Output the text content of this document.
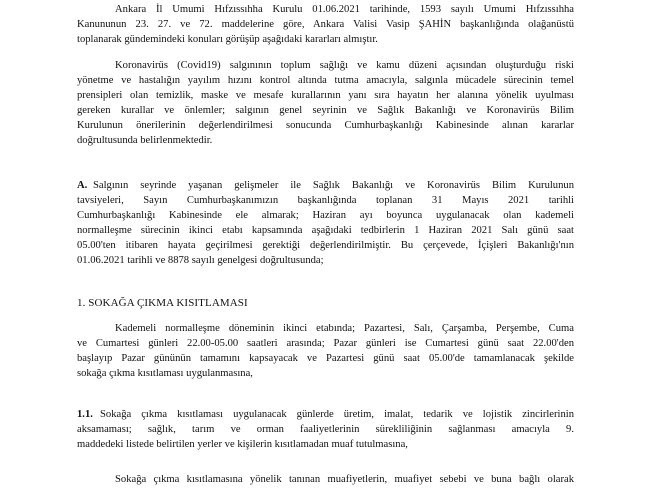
Ankara İl Umumi Hıfzıssıhha Kurulu 01.06.2021 tarihinde, 1593 sayılı Umumi Hıfzıssıhha
Kanununun 23. 27. ve 72. maddelerine göre, Ankara Valisi Vasip ŞAHİN başkanlığında olağanüstü
toplanarak gündemindeki konuları görüşüp aşağıdaki kararları almıştır.
Koronavirüs (Covid19) salgınının toplum sağlığı ve kamu düzeni açısından oluşturduğu riski
yönetme ve hastalığın yayılım hızını kontrol altında tutma amacıyla, salgınla mücadele sürecinin temel
prensipleri olan temizlik, maske ve mesafe kurallarının yanı sıra hayatın her alanına yönelik uyulması
gereken kurallar ve önlemler; salgının genel seyrinin ve Sağlık Bakanlığı ve Koronavirüs Bilim
Kurulunun önerilerinin değerlendirilmesi sonucunda Cumhurbaşkanlığı Kabinesinde alınan kararlar
doğrultusunda belirlenmektedir.
A. Salgının seyrinde yaşanan gelişmeler ile Sağlık Bakanlığı ve Koronavirüs Bilim Kurulunun
tavsiyeleri, Sayın Cumhurbaşkanımızın başkanlığında toplanan 31 Mayıs 2021 tarihli
Cumhurbaşkanlığı Kabinesinde ele almarak; Haziran ayı boyunca uygulanacak olan kademeli
normalleşme sürecinin ikinci etabı kapsamında aşağıdaki tedbirlerin 1 Haziran 2021 Salı günü saat
05.00'ten itibaren hayata geçirilmesi gerektiği değerlendirilmiştir. Bu çerçevede, İçişleri Bakanlığı'nın
01.06.2021 tarihli ve 8878 sayılı genelgesi doğrultusunda;
1. SOKAĞA ÇIKMA KISITLAMASI
Kademeli normalleşme döneminin ikinci etabında; Pazartesi, Salı, Çarşamba, Perşembe, Cuma
ve Cumartesi günleri 22.00-05.00 saatleri arasında; Pazar günleri ise Cumartesi günü saat 22.00'den
başlayıp Pazar gününün tamamını kapsayacak ve Pazartesi günü saat 05.00'de tamamlanacak şekilde
sokağa çıkma kısıtlaması uygulanmasına,
1.1. Sokağa çıkma kısıtlaması uygulanacak günlerde üretim, imalat, tedarik ve lojistik zincirlerinin
aksamaması; sağlık, tarım ve orman faaliyetlerinin sürekliliğinin sağlanması amacıyla 9.
maddedeki listede belirtilen yerler ve kişilerin kısıtlamadan muaf tutulmasına,
Sokağa çıkma kısıtlamasına yönelik tanınan muafiyetlerin, muafiyet sebebi ve buna bağlı olarak
